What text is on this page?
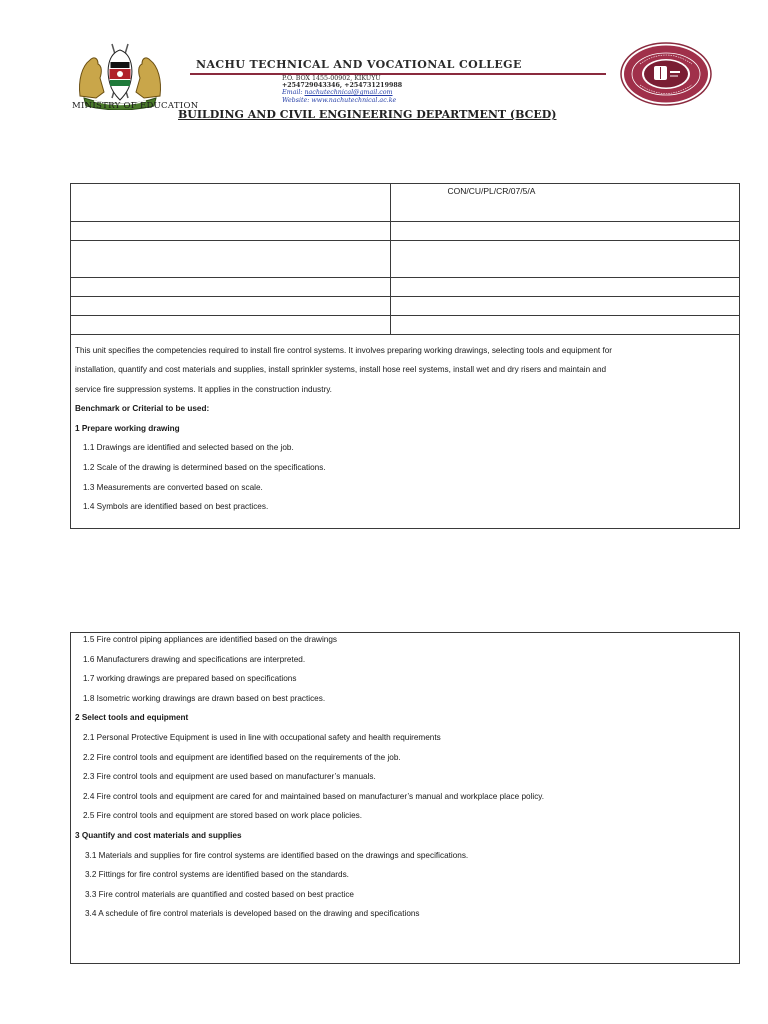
MINISTRY OF EDUCATION
NACHU TECHNICAL AND VOCATIONAL COLLEGE
P.O. BOX 1455-00902, KIKUYU
+254729043346, +254731219988
Email: nachutechnical@gmail.com
Website: www.nachutechnical.ac.ke
BUILDING AND CIVIL ENGINEERING DEPARTMENT (BCED)
	CON/CU/PL/CR/07/5/A

This unit specifies the competencies required to install fire control systems. It involves preparing working drawings, selecting tools and equipment for
installation, quantify and cost materials and supplies, install sprinkler systems, install hose reel systems, install wet and dry risers and maintain and
service fire suppression systems. It applies in the construction industry.
Benchmark or Criterial to be used:
1 Prepare working drawing
1.1 Drawings are identified and selected based on the job.
1.2 Scale of the drawing is determined based on the specifications.
1.3 Measurements are converted based on scale.
1.4 Symbols are identified based on best practices.
1.5 Fire control piping appliances are identified based on the drawings
1.6 Manufacturers drawing and specifications are interpreted.
1.7 working drawings are prepared based on specifications
1.8 Isometric working drawings are drawn based on best practices.
2 Select tools and equipment
2.1 Personal Protective Equipment is used in line with occupational safety and health requirements
2.2 Fire control tools and equipment are identified based on the requirements of the job.
2.3 Fire control tools and equipment are used based on manufacturer’s manuals.
2.4 Fire control tools and equipment are cared for and maintained based on manufacturer’s manual and workplace place policy.
2.5 Fire control tools and equipment are stored based on work place policies.
3 Quantify and cost materials and supplies
3.1 Materials and supplies for fire control systems are identified based on the drawings and specifications.
3.2 Fittings for fire control systems are identified based on the standards.
3.3 Fire control materials are quantified and costed based on best practice
3.4 A schedule of fire control materials is developed based on the drawing and specifications
